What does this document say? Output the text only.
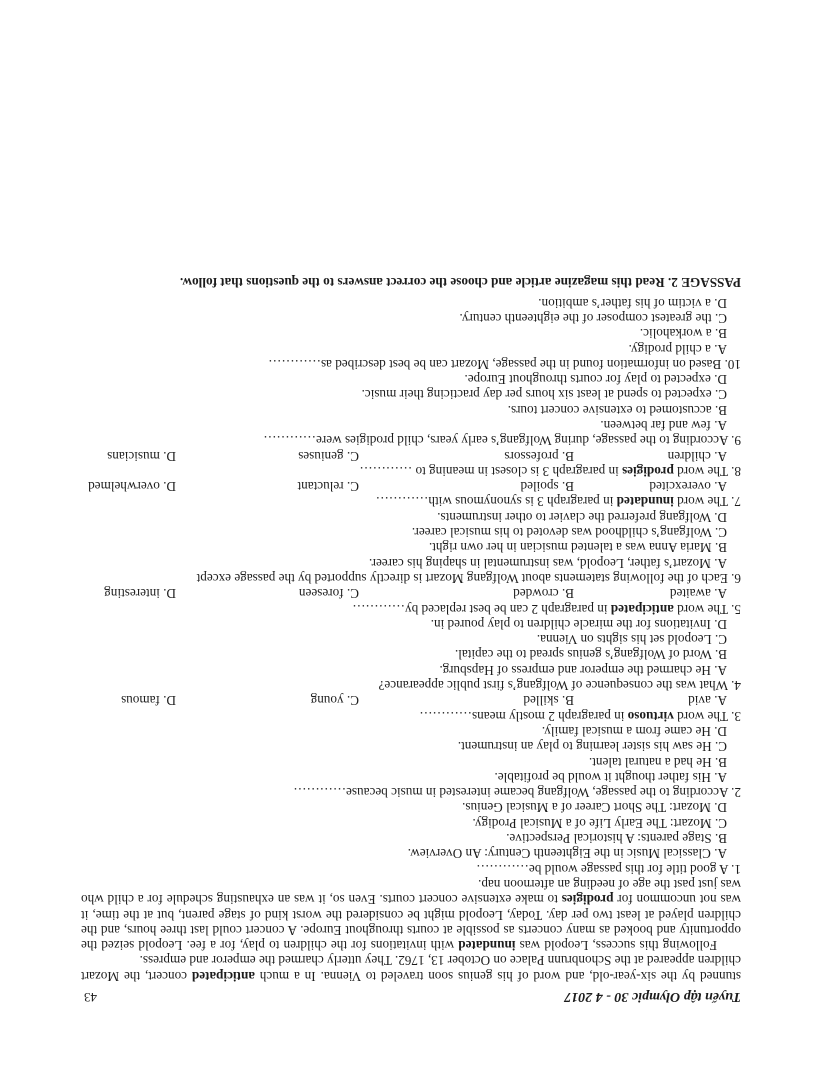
Tuyển tập Olympic 30 - 4 2017

stunned by the six-year-old, and word of his genius soon traveled to Vienna. In a much anticipated concert, the Mozart children appeared at the Schonbrunn Palace on October 13, 1762. They utterly charmed the emperor and empress.

Following this success, Leopold was inundated with invitations for the children to play, for a fee. Leopold seized the opportunity and booked as many concerts as possible at courts throughout Europe. A concert could last three hours, and the children played at least two per day. Today, Leopold might be considered the worst kind of stage parent, but at the time, it was not uncommon for prodigies to make extensive concert courts. Even so, it was an exhausting schedule for a child who was just past the age of needing an afternoon nap.

1. A good title for this passage would be…………

A. Classical Music in the Eighteenth Century: An Overview.

B. Stage parents: A historical Perspective.

C. Mozart: The Early Life of a Musical Prodigy.

D. Mozart: The Short Career of a Musical Genius.

2. According to the passage, Wolfgang became interested in music because…………

A. His father thought it would be profitable.

B. He had a natural talent.

C. He saw his sister learning to play an instrument.

D. He came from a musical family.

3. The word virtuoso in paragraph 2 mostly means…………

A. avid
B. skilled
C. young
D. famous

4. What was the consequence of Wolfgang’s first public appearance?

A. He charmed the emperor and empress of Hapsburg.

B. Word of Wolfgang’s genius spread to the capital.

C. Leopold set his sights on Vienna.

D. Invitations for the miracle children to play poured in.

5. The word anticipated in paragraph 2 can be best replaced by…………

A. awaited
B. crowded
C. foreseen
D. interesting

6. Each of the following statements about Wolfgang Mozart is directly supported by the passage except

A. Mozart’s father, Leopold, was instrumental in shaping his career.

B. Maria Anna was a talented musician in her own right.

C. Wolfgang’s childhood was devoted to his musical career.

D. Wolfgang preferred the clavier to other instruments.

7. The word inundated in paragraph 3 is synonymous with…………

A. overexcited
B. spoiled
C. reluctant
D. overwhelmed

8. The word prodigies in paragraph 3 is closest in meaning to …………

A. children
B. professors
C. geniuses
D. musicians

9. According to the passage, during Wolfgang’s early years, child prodigies were…………

A. few and far between.

B. accustomed to extensive concert tours.

C. expected to spend at least six hours per day practicing their music.

D. expected to play for courts throughout Europe.

10. Based on information found in the passage, Mozart can be best described as…………

A. a child prodigy.

B. a workaholic.

C. the greatest composer of the eighteenth century.

D. a victim of his father’s ambition.

PASSAGE 2. Read this magazine article and choose the correct answers to the questions that follow.
43
